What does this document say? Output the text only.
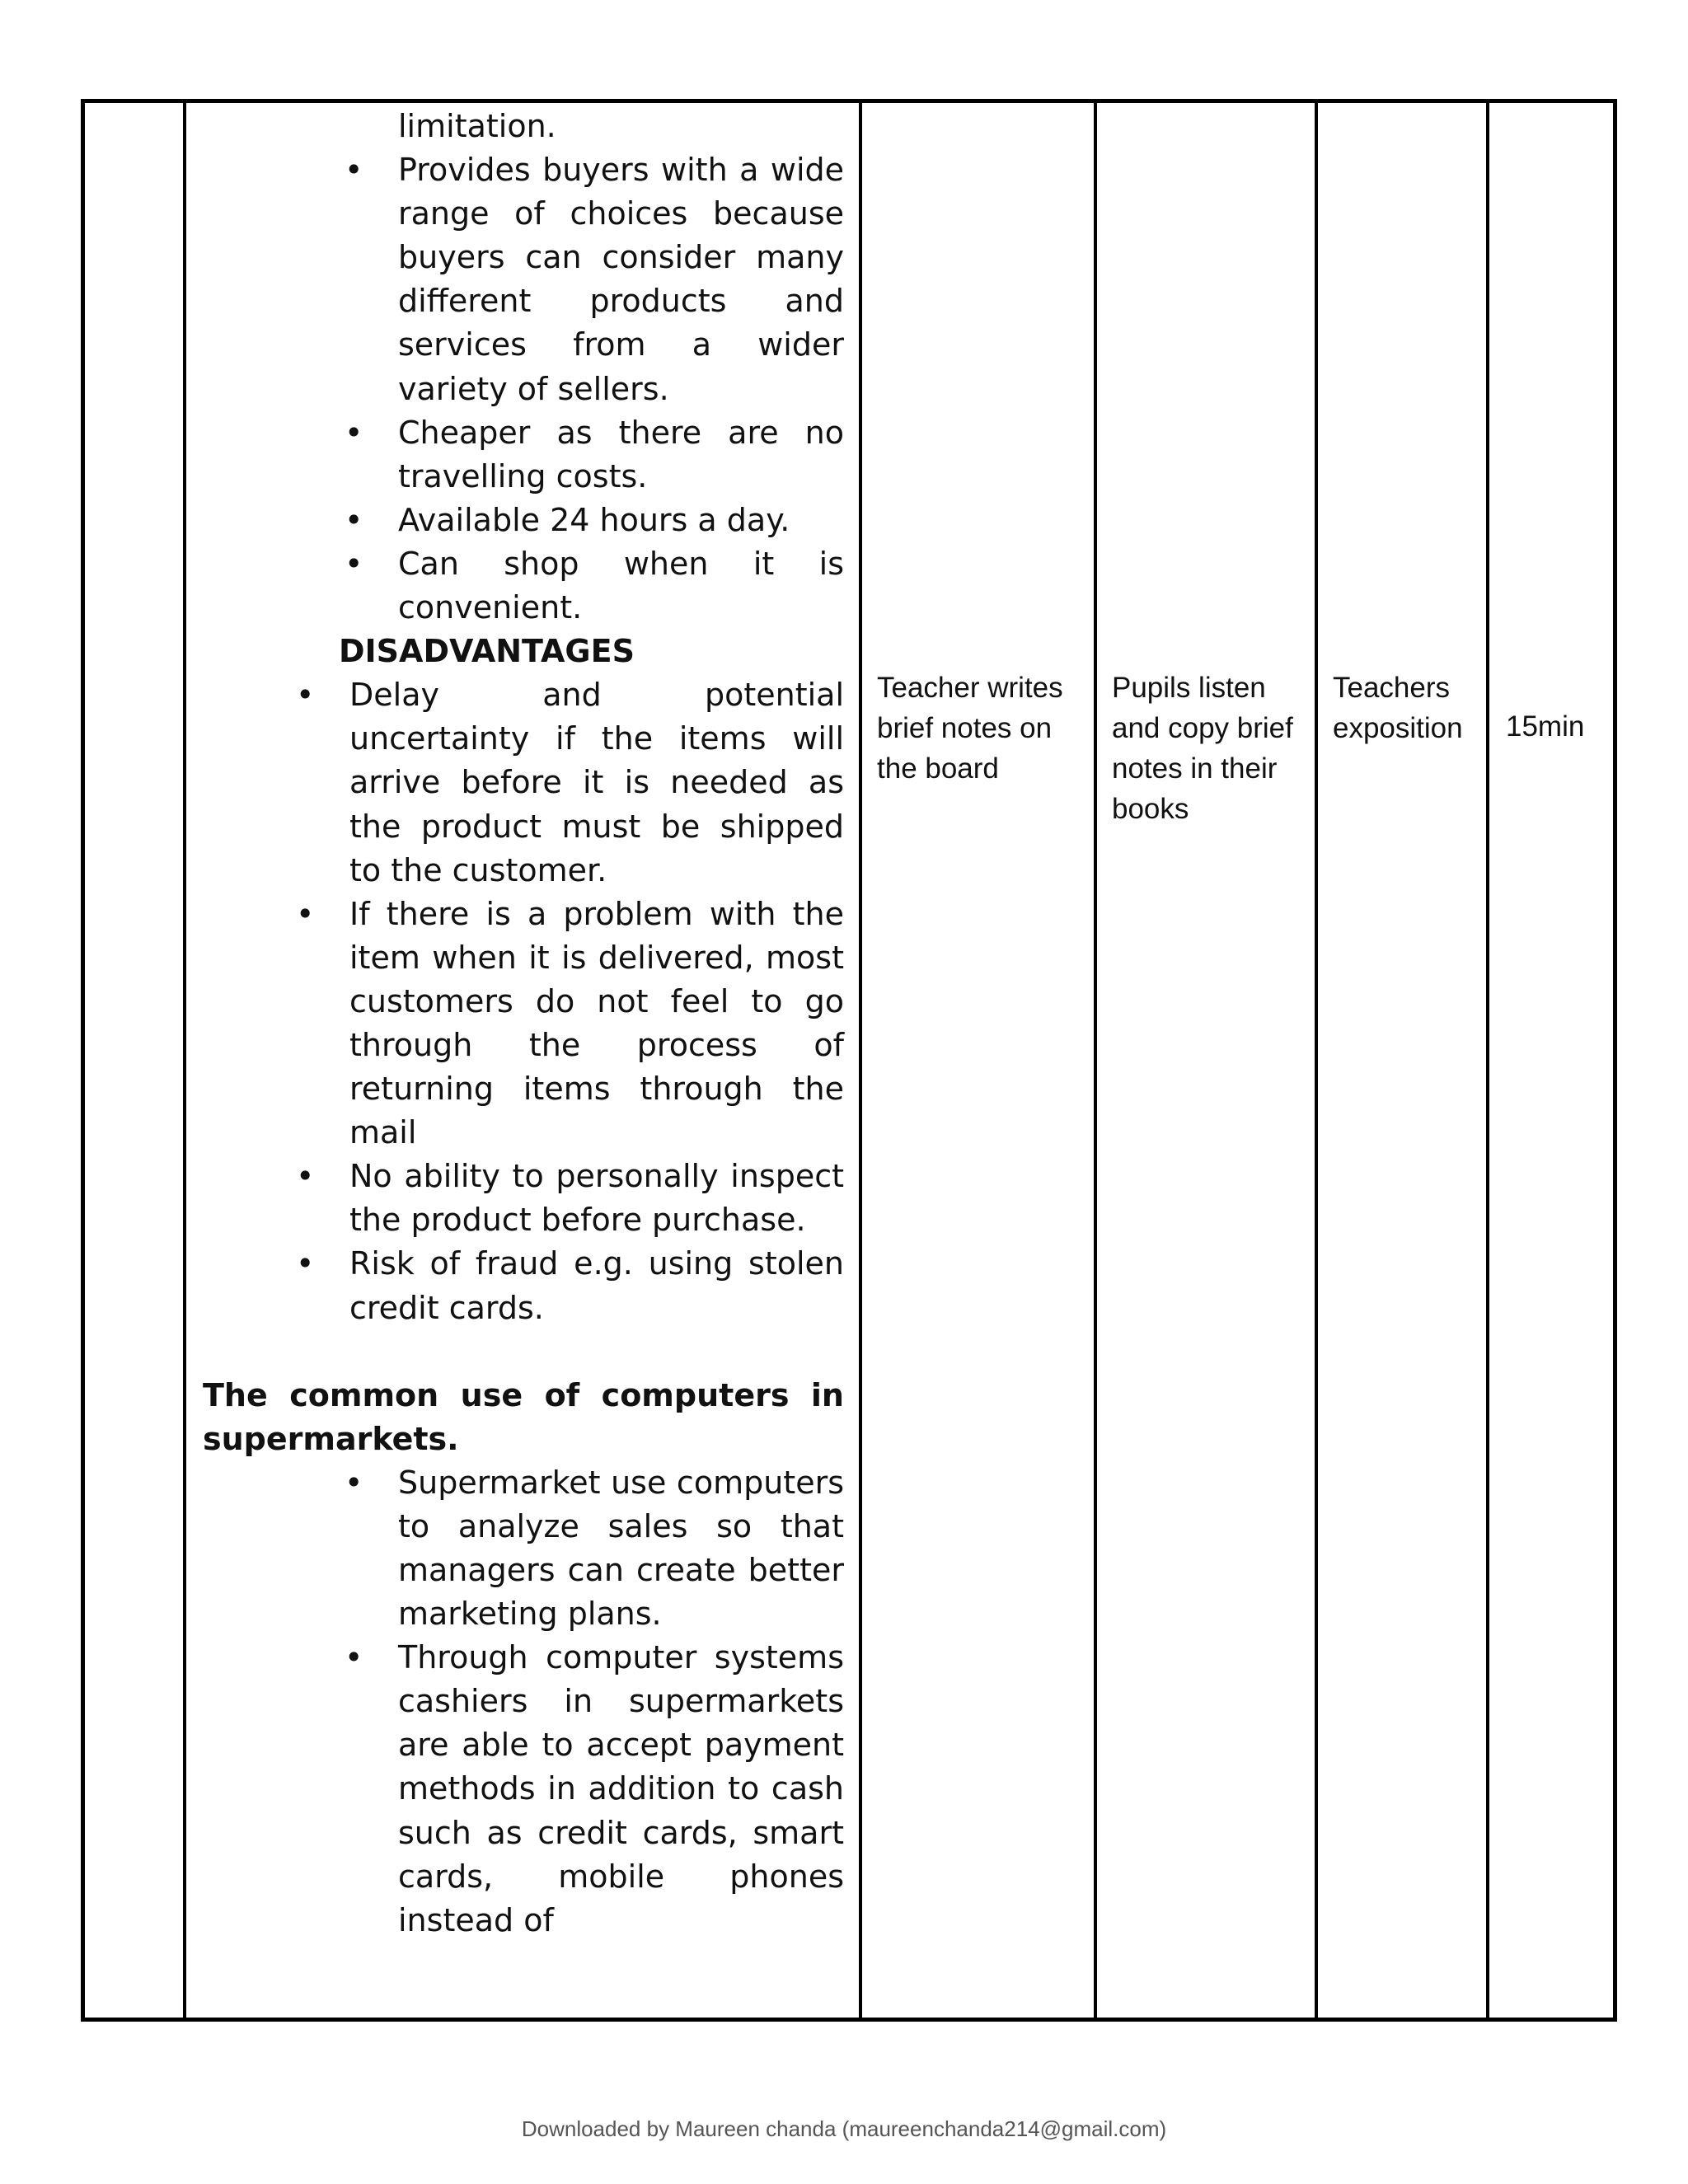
limitation.
• Provides buyers with a wide range of choices because buyers can consider many different products and services from a wider variety of sellers.
• Cheaper as there are no travelling costs.
• Available 24 hours a day.
• Can shop when it is convenient.
DISADVANTAGES
• Delay and potential uncertainty if the items will arrive before it is needed as the product must be shipped to the customer.
• If there is a problem with the item when it is delivered, most customers do not feel to go through the process of returning items through the mail
• No ability to personally inspect the product before purchase.
• Risk of fraud e.g. using stolen credit cards.
The common use of computers in supermarkets.
• Supermarket use computers to analyze sales so that managers can create better marketing plans.
• Through computer systems cashiers in supermarkets are able to accept payment methods in addition to cash such as credit cards, smart cards, mobile phones instead of
Teacher writes brief notes on the board
Pupils listen and copy brief notes in their books
Teachers exposition	15min
Downloaded by Maureen chanda (maureenchanda214@gmail.com)
